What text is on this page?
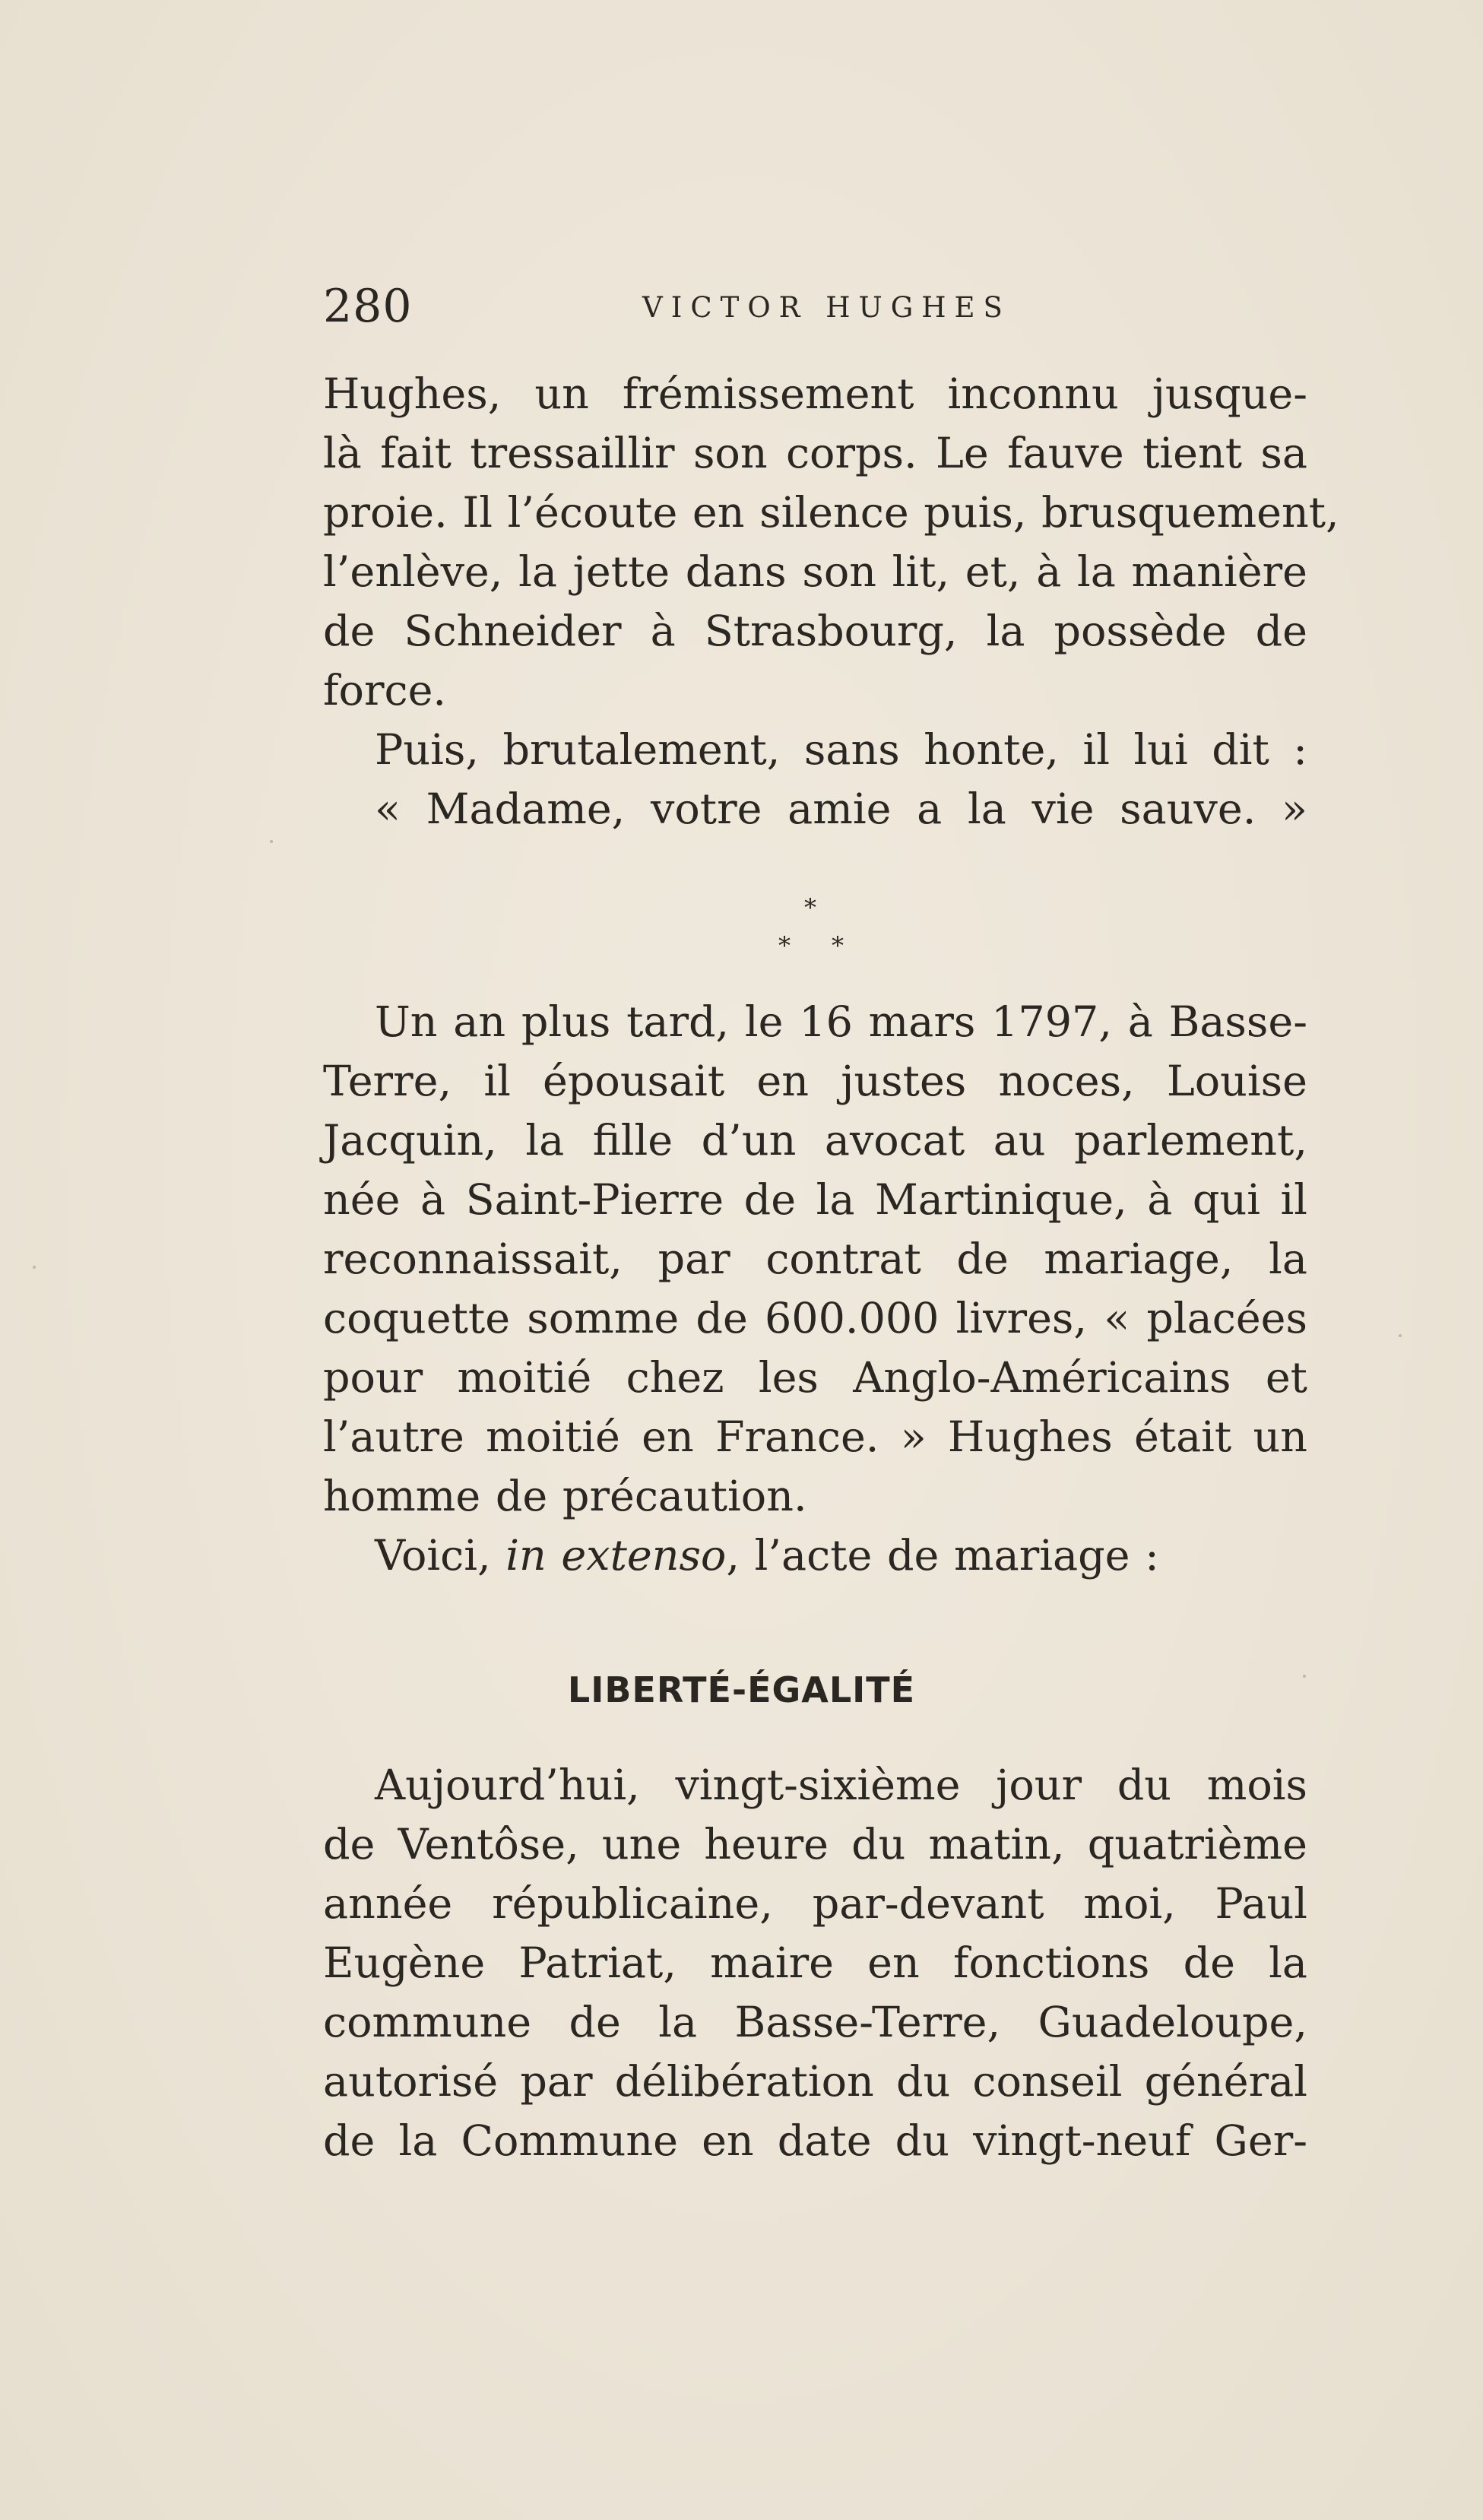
280	VICTOR HUGHES
Hughes, un frémissement inconnu jusque-
là fait tressaillir son corps. Le fauve tient sa
proie. Il l’écoute en silence puis, brusquement,
l’enlève, la jette dans son lit, et, à la manière
de Schneider à Strasbourg, la possède de
force.
Puis, brutalement, sans honte, il lui dit :
« Madame, votre amie a la vie sauve. »
*
* *
Un an plus tard, le 16 mars 1797, à Basse-
Terre, il épousait en justes noces, Louise
Jacquin, la fille d’un avocat au parlement,
née à Saint-Pierre de la Martinique, à qui il
reconnaissait, par contrat de mariage, la
coquette somme de 600.000 livres, « placées
pour moitié chez les Anglo-Américains et
l’autre moitié en France. » Hughes était un
homme de précaution.
Voici, in extenso, l’acte de mariage :
LIBERTÉ-ÉGALITÉ
Aujourd’hui, vingt-sixième jour du mois
de Ventôse, une heure du matin, quatrième
année républicaine, par-devant moi, Paul
Eugène Patriat, maire en fonctions de la
commune de la Basse-Terre, Guadeloupe,
autorisé par délibération du conseil général
de la Commune en date du vingt-neuf Ger-
